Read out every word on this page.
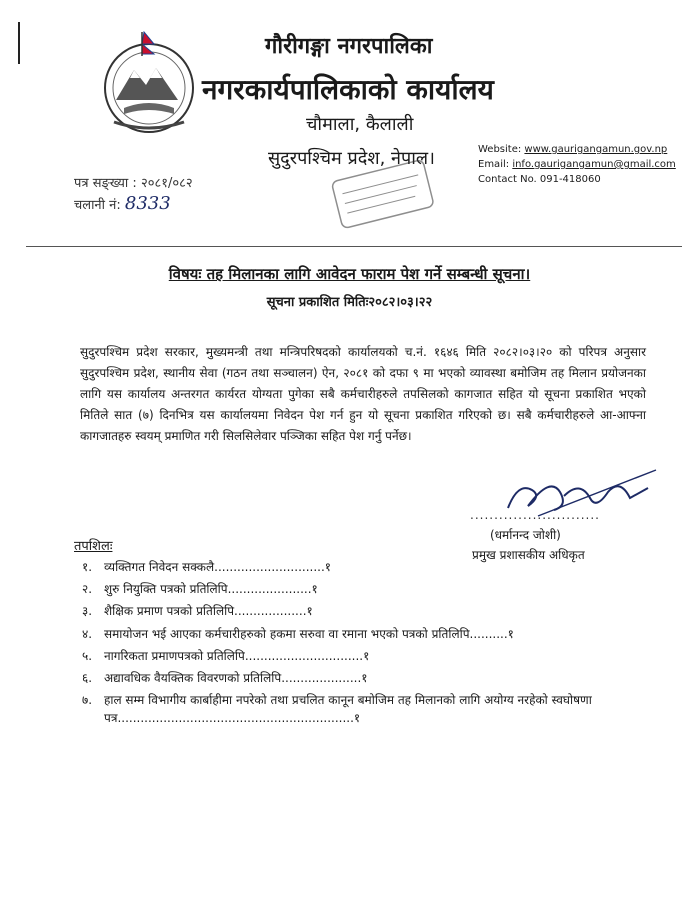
गौरीगङ्गा नगरपालिका
नगरकार्यपालिकाको कार्यालय
चौमाला, कैलाली
सुदुरपश्चिम प्रदेश, नेपाल।	Website: www.gaurigangamun.gov.np
Email: info.gaurigangamun@gmail.com
Contact No. 091-418060
पत्र सङ्ख्या : २०८१/०८२
चलानी नं: 8333
विषयः तह मिलानका लागि आवेदन फाराम पेश गर्ने सम्बन्धी सूचना।
सूचना प्रकाशित मितिः२०८२।०३।२२
सुदुरपश्चिम प्रदेश सरकार, मुख्यमन्त्री तथा मन्त्रिपरिषदको कार्यालयको च.नं. १६४६ मिति २०८२।०३।२० को परिपत्र अनुसार सुदुरपश्चिम प्रदेश, स्थानीय सेवा (गठन तथा सञ्चालन) ऐन, २०८१ को दफा ९ मा भएको व्यावस्था बमोजिम तह मिलान प्रयोजनका लागि यस कार्यालय अन्तरगत कार्यरत योग्यता पुगेका सबै कर्मचारीहरुले तपसिलको कागजात सहित यो सूचना प्रकाशित भएको मितिले सात (७) दिनभित्र यस कार्यालयमा निवेदन पेश गर्न हुन यो सूचना प्रकाशित गरिएको छ। सबै कर्मचारीहरुले आ-आफ्ना कागजातहरु स्वयम् प्रमाणित गरी सिलसिलेवार पञ्जिका सहित पेश गर्नु पर्नेछ।
...........................
(धर्मानन्द जोशी)
प्रमुख प्रशासकीय अधिकृत
तपशिलः
१. व्यक्तिगत निवेदन सक्कलै.............................१
२. शुरु नियुक्ति पत्रको प्रतिलिपि......................१
३. शैक्षिक प्रमाण पत्रको प्रतिलिपि...................१
४. समायोजन भई आएका कर्मचारीहरुको हकमा सरुवा वा रमाना भएको पत्रको प्रतिलिपि..........१
५. नागरिकता प्रमाणपत्रको प्रतिलिपि...............................१
६. अद्यावधिक वैयक्तिक विवरणको प्रतिलिपि.....................१
७. हाल सम्म विभागीय कार्बाहीमा नपरेको तथा प्रचलित कानून बमोजिम तह मिलानको लागि अयोग्य नरहेको स्वघोषणा पत्र..............................................................१
